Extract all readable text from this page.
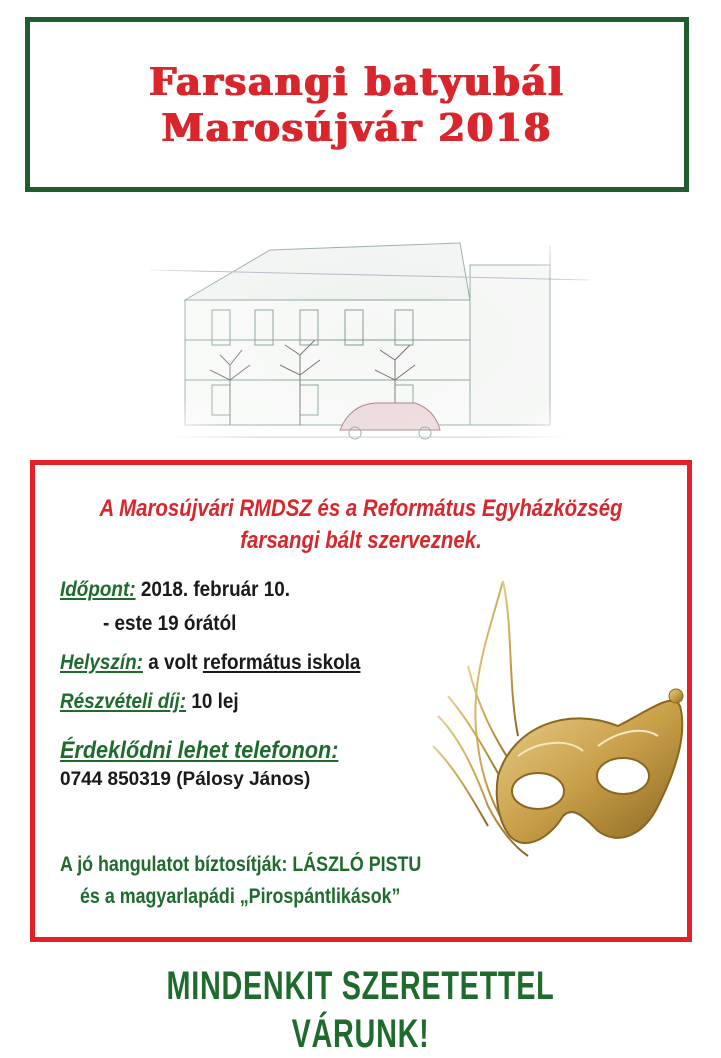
Farsangi batyubál
Marosújvár 2018
A Marosújvári RMDSZ és a Református Egyházközség
farsangi bált szerveznek.
Időpont: 2018. február 10.
- este 19 órától
Helyszín: a volt református iskola
Részvételi díj: 10 lej
Érdeklődni lehet telefonon:
0744 850319 (Pálosy János)
A jó hangulatot bíztosítják: LÁSZLÓ PISTU
és a magyarlapádi „Pirospántlikások”
MINDENKIT SZERETETTEL VÁRUNK!
